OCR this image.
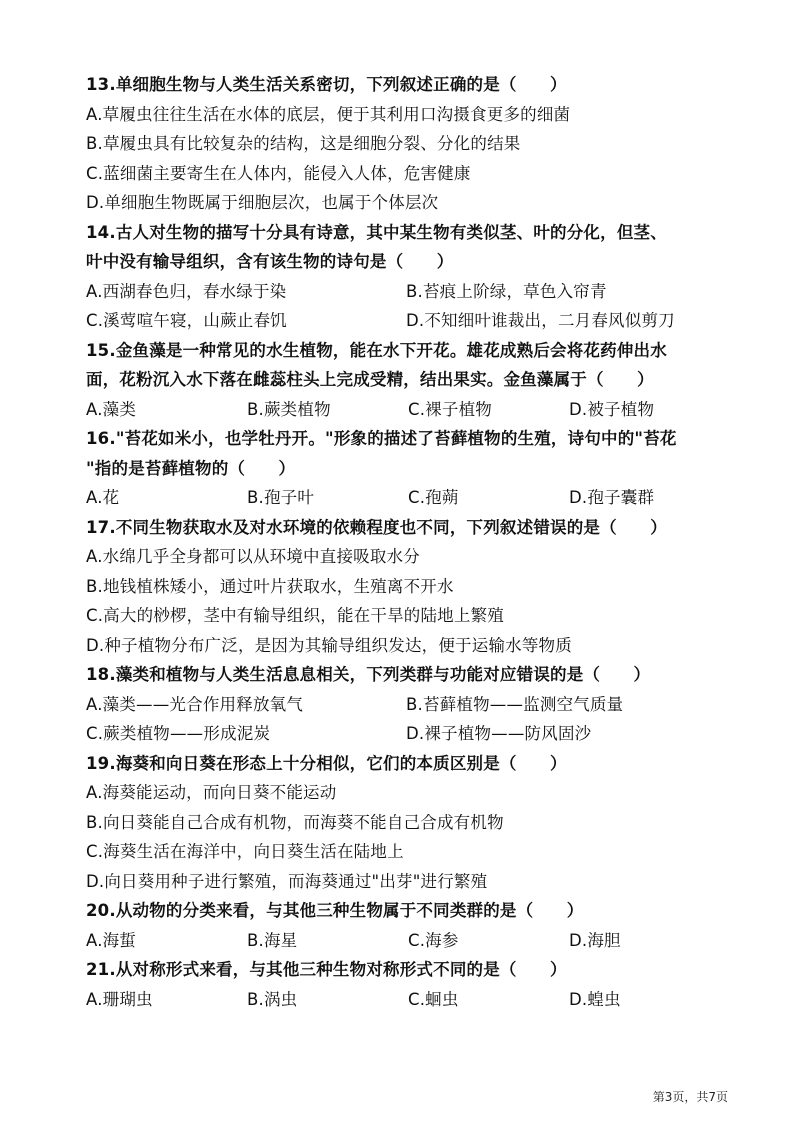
13.单细胞生物与人类生活关系密切，下列叙述正确的是（　　）
A.草履虫往往生活在水体的底层，便于其利用口沟摄食更多的细菌
B.草履虫具有比较复杂的结构，这是细胞分裂、分化的结果
C.蓝细菌主要寄生在人体内，能侵入人体，危害健康
D.单细胞生物既属于细胞层次，也属于个体层次
14.古人对生物的描写十分具有诗意，其中某生物有类似茎、叶的分化，但茎、
叶中没有输导组织，含有该生物的诗句是（　　）
A.西湖春色归，春水绿于染	B.苔痕上阶绿，草色入帘青
C.溪莺喧午寝，山蕨止春饥	D.不知细叶谁裁出，二月春风似剪刀
15.金鱼藻是一种常见的水生植物，能在水下开花。雄花成熟后会将花药伸出水
面，花粉沉入水下落在雌蕊柱头上完成受精，结出果实。金鱼藻属于（　　）
A.藻类	B.蕨类植物	C.裸子植物	D.被子植物
16."苔花如米小，也学牡丹开。"形象的描述了苔藓植物的生殖，诗句中的"苔花
"指的是苔藓植物的（　　）
A.花	B.孢子叶	C.孢蒴	D.孢子囊群
17.不同生物获取水及对水环境的依赖程度也不同，下列叙述错误的是（　　）
A.水绵几乎全身都可以从环境中直接吸取水分
B.地钱植株矮小，通过叶片获取水，生殖离不开水
C.高大的桫椤，茎中有输导组织，能在干旱的陆地上繁殖
D.种子植物分布广泛，是因为其输导组织发达，便于运输水等物质
18.藻类和植物与人类生活息息相关，下列类群与功能对应错误的是（　　）
A.藻类——光合作用释放氧气	B.苔藓植物——监测空气质量
C.蕨类植物——形成泥炭	D.裸子植物——防风固沙
19.海葵和向日葵在形态上十分相似，它们的本质区别是（　　）
A.海葵能运动，而向日葵不能运动
B.向日葵能自己合成有机物，而海葵不能自己合成有机物
C.海葵生活在海洋中，向日葵生活在陆地上
D.向日葵用种子进行繁殖，而海葵通过"出芽"进行繁殖
20.从动物的分类来看，与其他三种生物属于不同类群的是（　　）
A.海蜇	B.海星	C.海参	D.海胆
21.从对称形式来看，与其他三种生物对称形式不同的是（　　）
A.珊瑚虫	B.涡虫	C.蛔虫	D.蝗虫
第3页，共7页
